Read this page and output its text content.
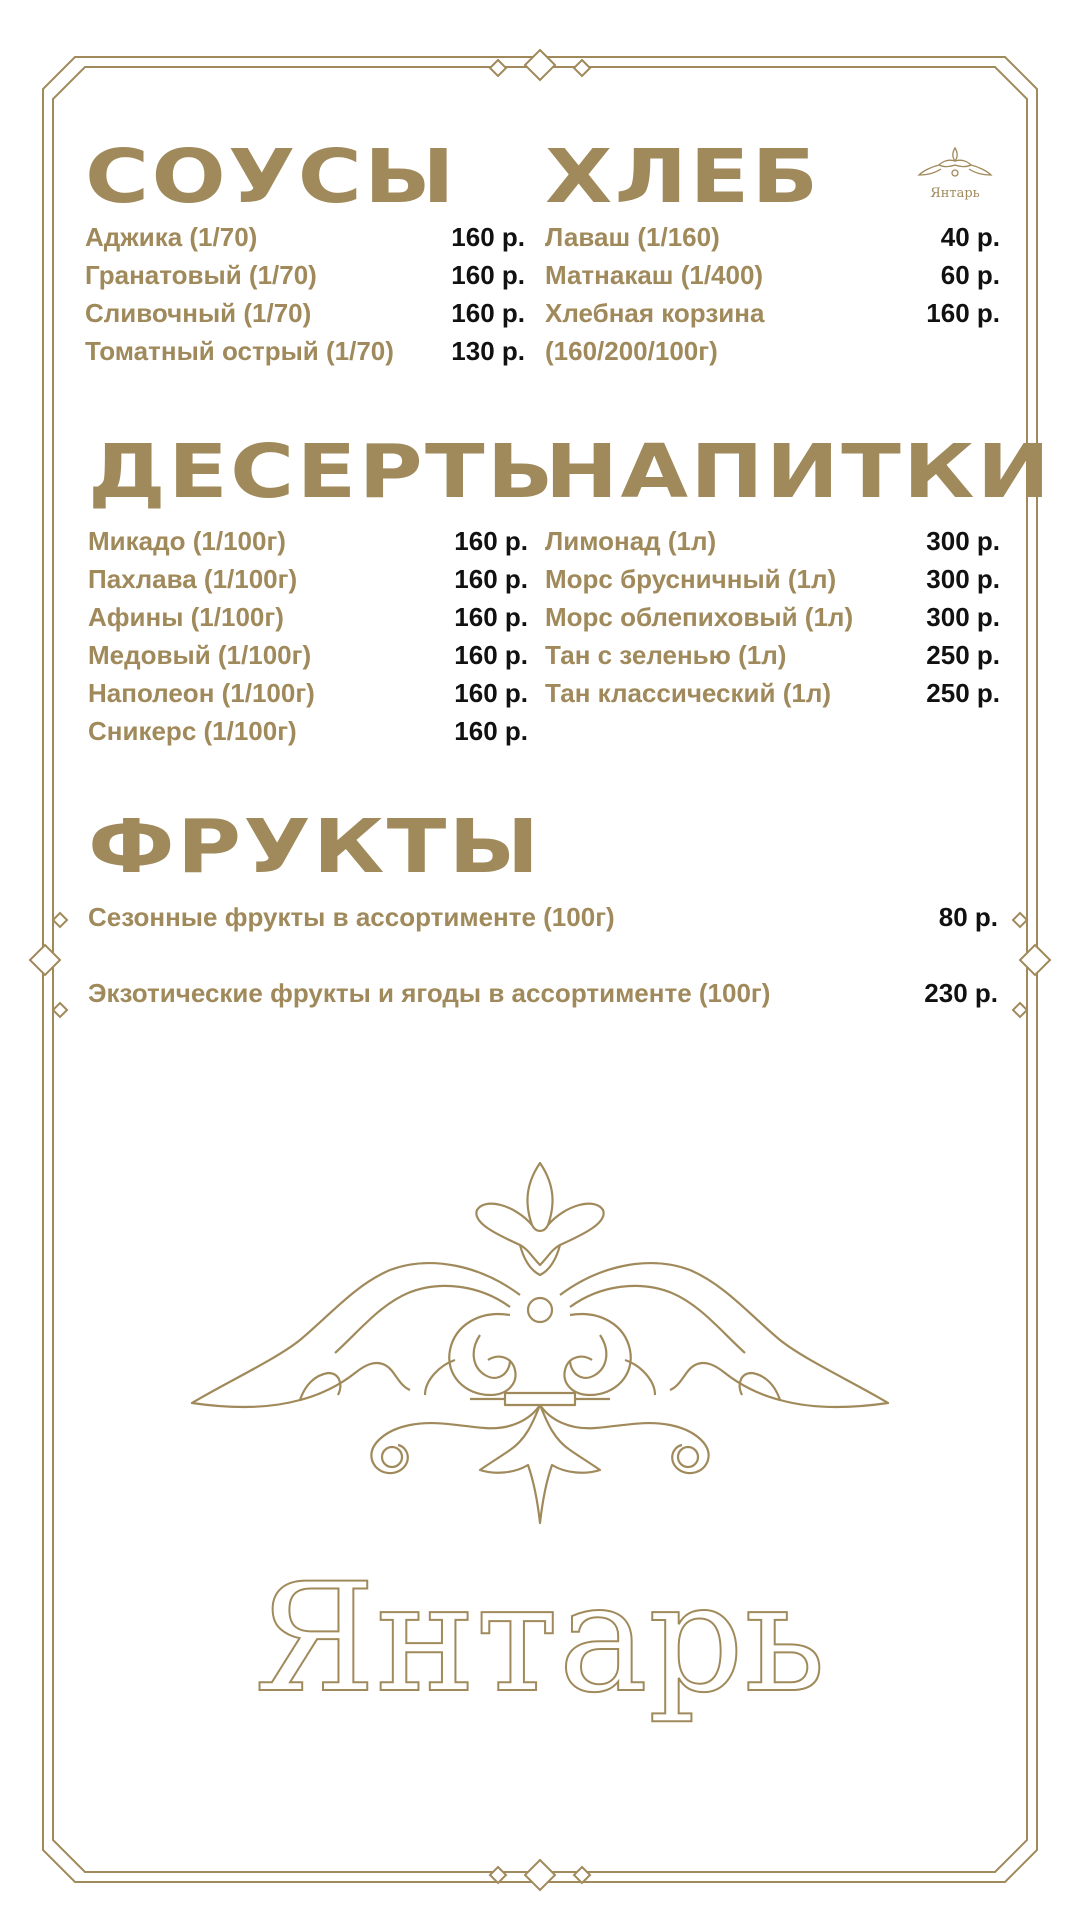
Янтарь
СОУСЫ
Аджика (1/70)	160 р.
Гранатовый (1/70)	160 р.
Сливочный (1/70)	160 р.
Томатный острый (1/70) 130 р.
ХЛЕБ
Лаваш (1/160)	40 р.
Матнакаш (1/400)	60 р.
Хлебная корзина	160 р.
(160/200/100г)
ДЕСЕРТЫ
Микадо (1/100г)	160 р.
Пахлава (1/100г)	160 р.
Афины (1/100г)	160 р.
Медовый (1/100г)	160 р.
Наполеон (1/100г)	160 р.
Сникерс (1/100г)	160 р.
НАПИТКИ
Лимонад (1л)	300 р.
Морс брусничный (1л)	300 р.
Морс облепиховый (1л)	300 р.
Тан с зеленью (1л)	250 р.
Тан классический (1л)	250 р.
ФРУКТЫ
Сезонные фрукты в ассортименте (100г)	80 р.
Экзотические фрукты и ягоды в ассортименте (100г)	230 р.
Янтарь
